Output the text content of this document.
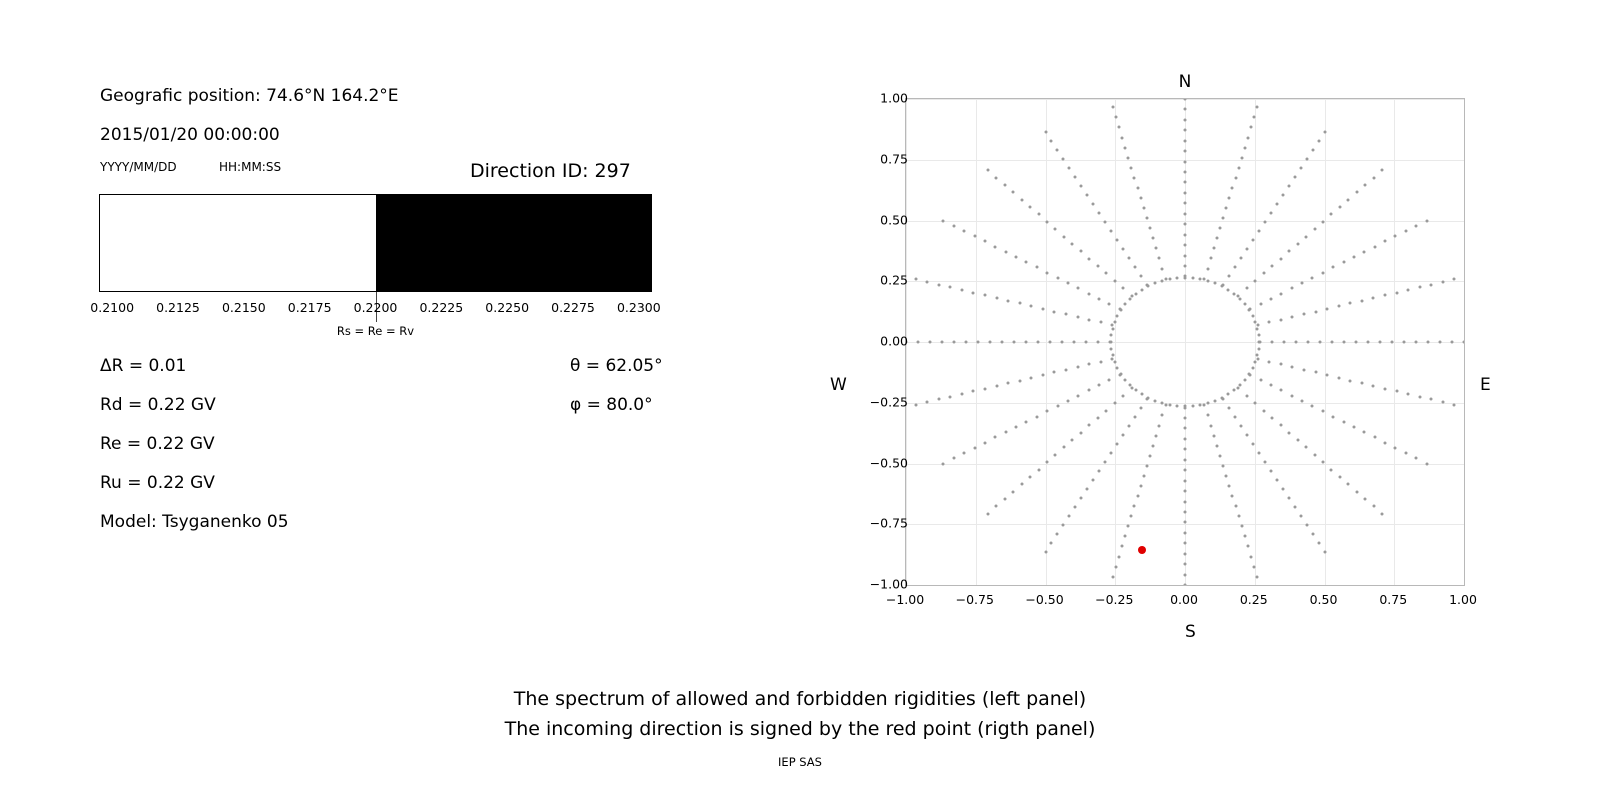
Geografic position: 74.6°N 164.2°E
2015/01/20 00:00:00
YYYY/MM/DD	HH:MM:SS	Direction ID: 297
Rs = Re = Rv
0.2100 0.2125 0.2150 0.2175 0.2200 0.2225 0.2250 0.2275 0.2300
ΔR = 0.01
Rd = 0.22 GV
Re = 0.22 GV
Ru = 0.22 GV
Model: Tsyganenko 05
θ = 62.05°
φ = 80.0°
N
S
W	E
−1.00
−0.75
−0.50
−0.25
0.00
0.25
0.50
0.75
1.00
−1.00	−0.75	−0.50	−0.25	0.00	0.25	0.50	0.75	1.00
The spectrum of allowed and forbidden rigidities (left panel)
The incoming direction is signed by the red point (rigth panel)
IEP SAS
